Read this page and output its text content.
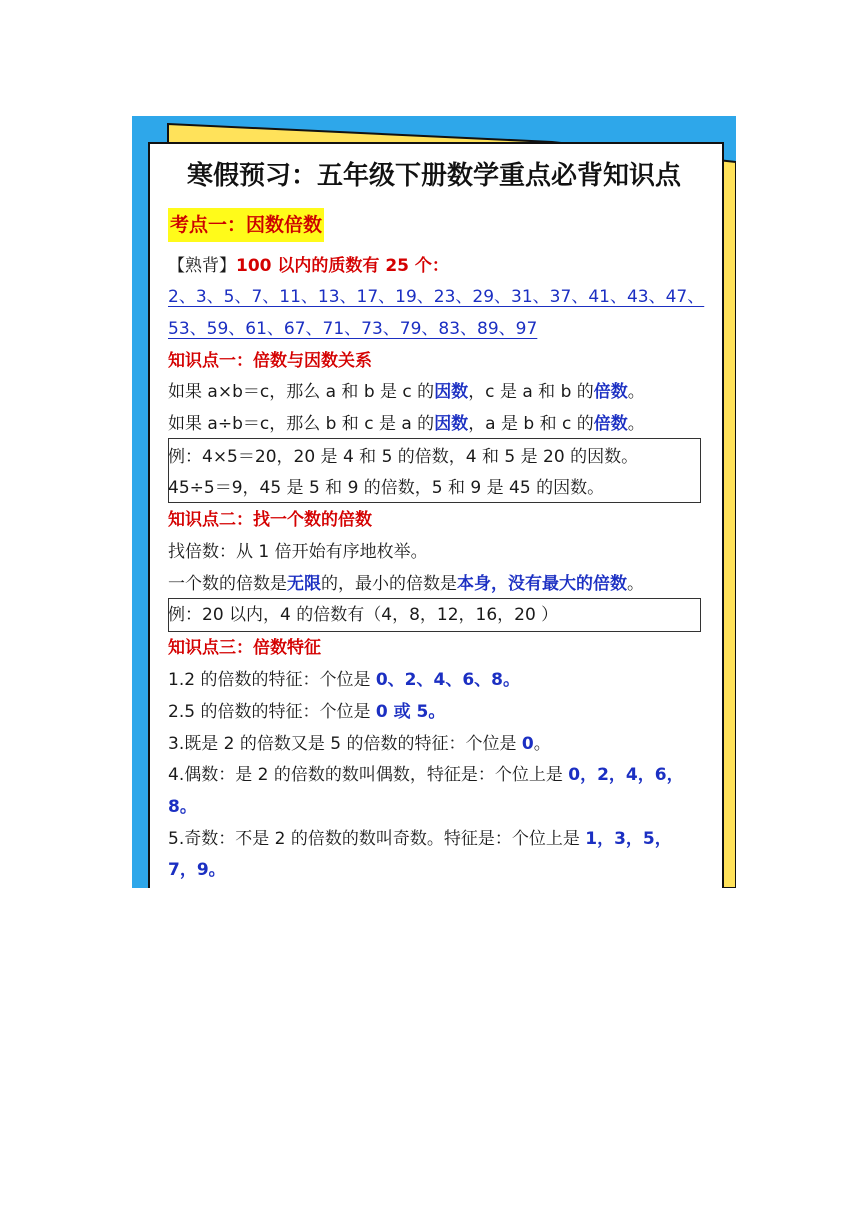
寒假预习：五年级下册数学重点必背知识点
考点一：因数倍数
【熟背】100 以内的质数有 25 个：
2、3、5、7、11、13、17、19、23、29、31、37、41、43、47、
53、59、61、67、71、73、79、83、89、97
知识点一：倍数与因数关系
如果 a×b＝c，那么 a 和 b 是 c 的因数，c 是 a 和 b 的倍数。
如果 a÷b＝c，那么 b 和 c 是 a 的因数，a 是 b 和 c 的倍数。
例：4×5＝20，20 是 4 和 5 的倍数，4 和 5 是 20 的因数。
45÷5＝9，45 是 5 和 9 的倍数，5 和 9 是 45 的因数。
知识点二：找一个数的倍数
找倍数：从 1 倍开始有序地枚举。
一个数的倍数是无限的，最小的倍数是本身，没有最大的倍数。
例：20 以内，4 的倍数有（4，8，12，16，20 ）
知识点三：倍数特征
1.2 的倍数的特征：个位是 0、2、4、6、8。
2.5 的倍数的特征：个位是 0 或 5。
3.既是 2 的倍数又是 5 的倍数的特征：个位是 0。
4.偶数：是 2 的倍数的数叫偶数，特征是：个位上是 0，2，4，6，
8。
5.奇数：不是 2 的倍数的数叫奇数。特征是：个位上是 1，3，5，
7，9。
